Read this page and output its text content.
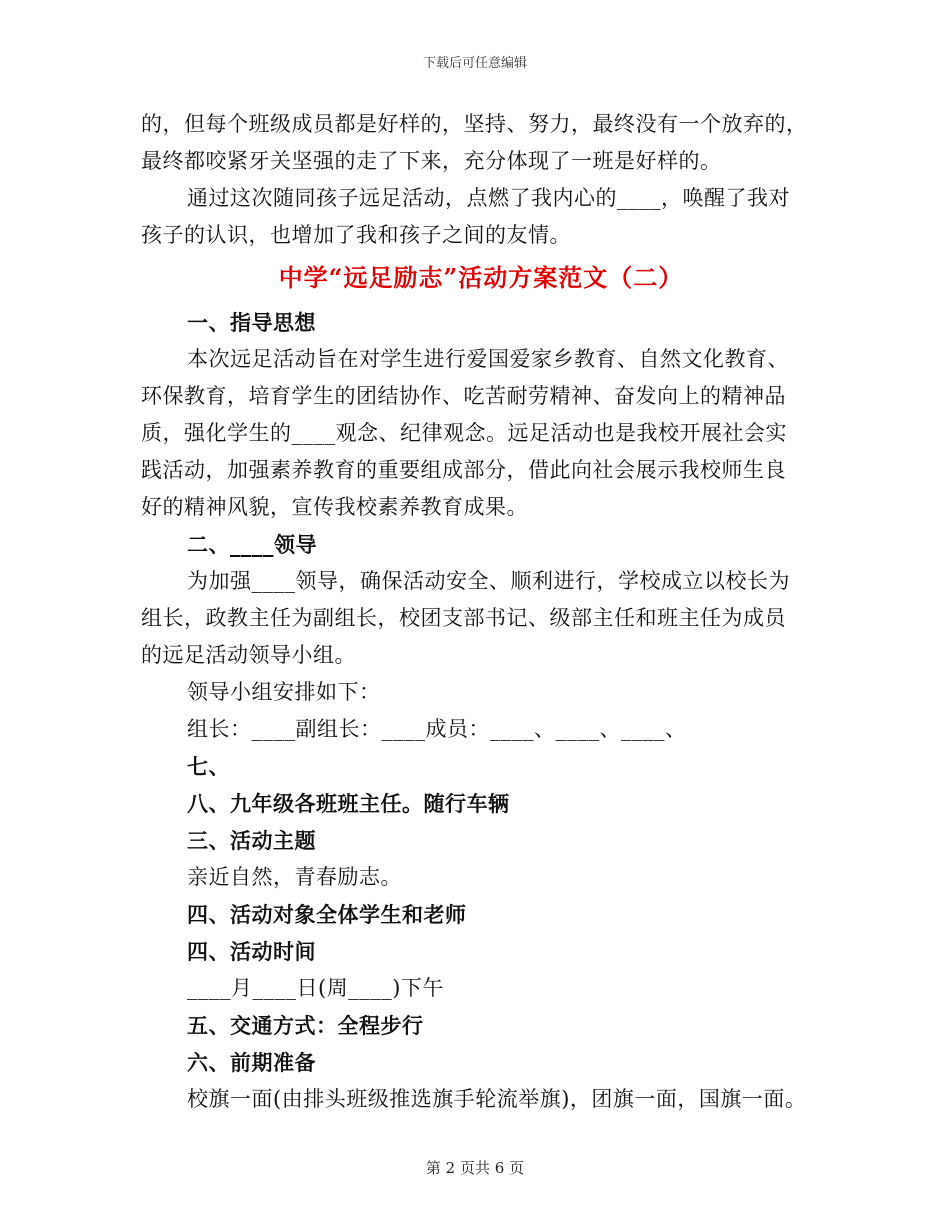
下载后可任意编辑

的，但每个班级成员都是好样的，坚持、努力，最终没有一个放弃的，

最终都咬紧牙关坚强的走了下来，充分体现了一班是好样的。

通过这次随同孩子远足活动，点燃了我内心的____，唤醒了我对

孩子的认识，也增加了我和孩子之间的友情。

中学“远足励志”活动方案范文（二）

一、指导思想

本次远足活动旨在对学生进行爱国爱家乡教育、自然文化教育、

环保教育，培育学生的团结协作、吃苦耐劳精神、奋发向上的精神品

质，强化学生的____观念、纪律观念。远足活动也是我校开展社会实

践活动，加强素养教育的重要组成部分，借此向社会展示我校师生良

好的精神风貌，宣传我校素养教育成果。

二、____领导

为加强____领导，确保活动安全、顺利进行，学校成立以校长为

组长，政教主任为副组长，校团支部书记、级部主任和班主任为成员

的远足活动领导小组。

领导小组安排如下：

组长：____副组长：____成员：____、____、____、

七、

八、九年级各班班主任。随行车辆

三、活动主题

亲近自然，青春励志。

四、活动对象全体学生和老师

四、活动时间

____月____日(周____)下午

五、交通方式：全程步行

六、前期准备

校旗一面(由排头班级推选旗手轮流举旗)，团旗一面，国旗一面。

第 2 页共 6 页
